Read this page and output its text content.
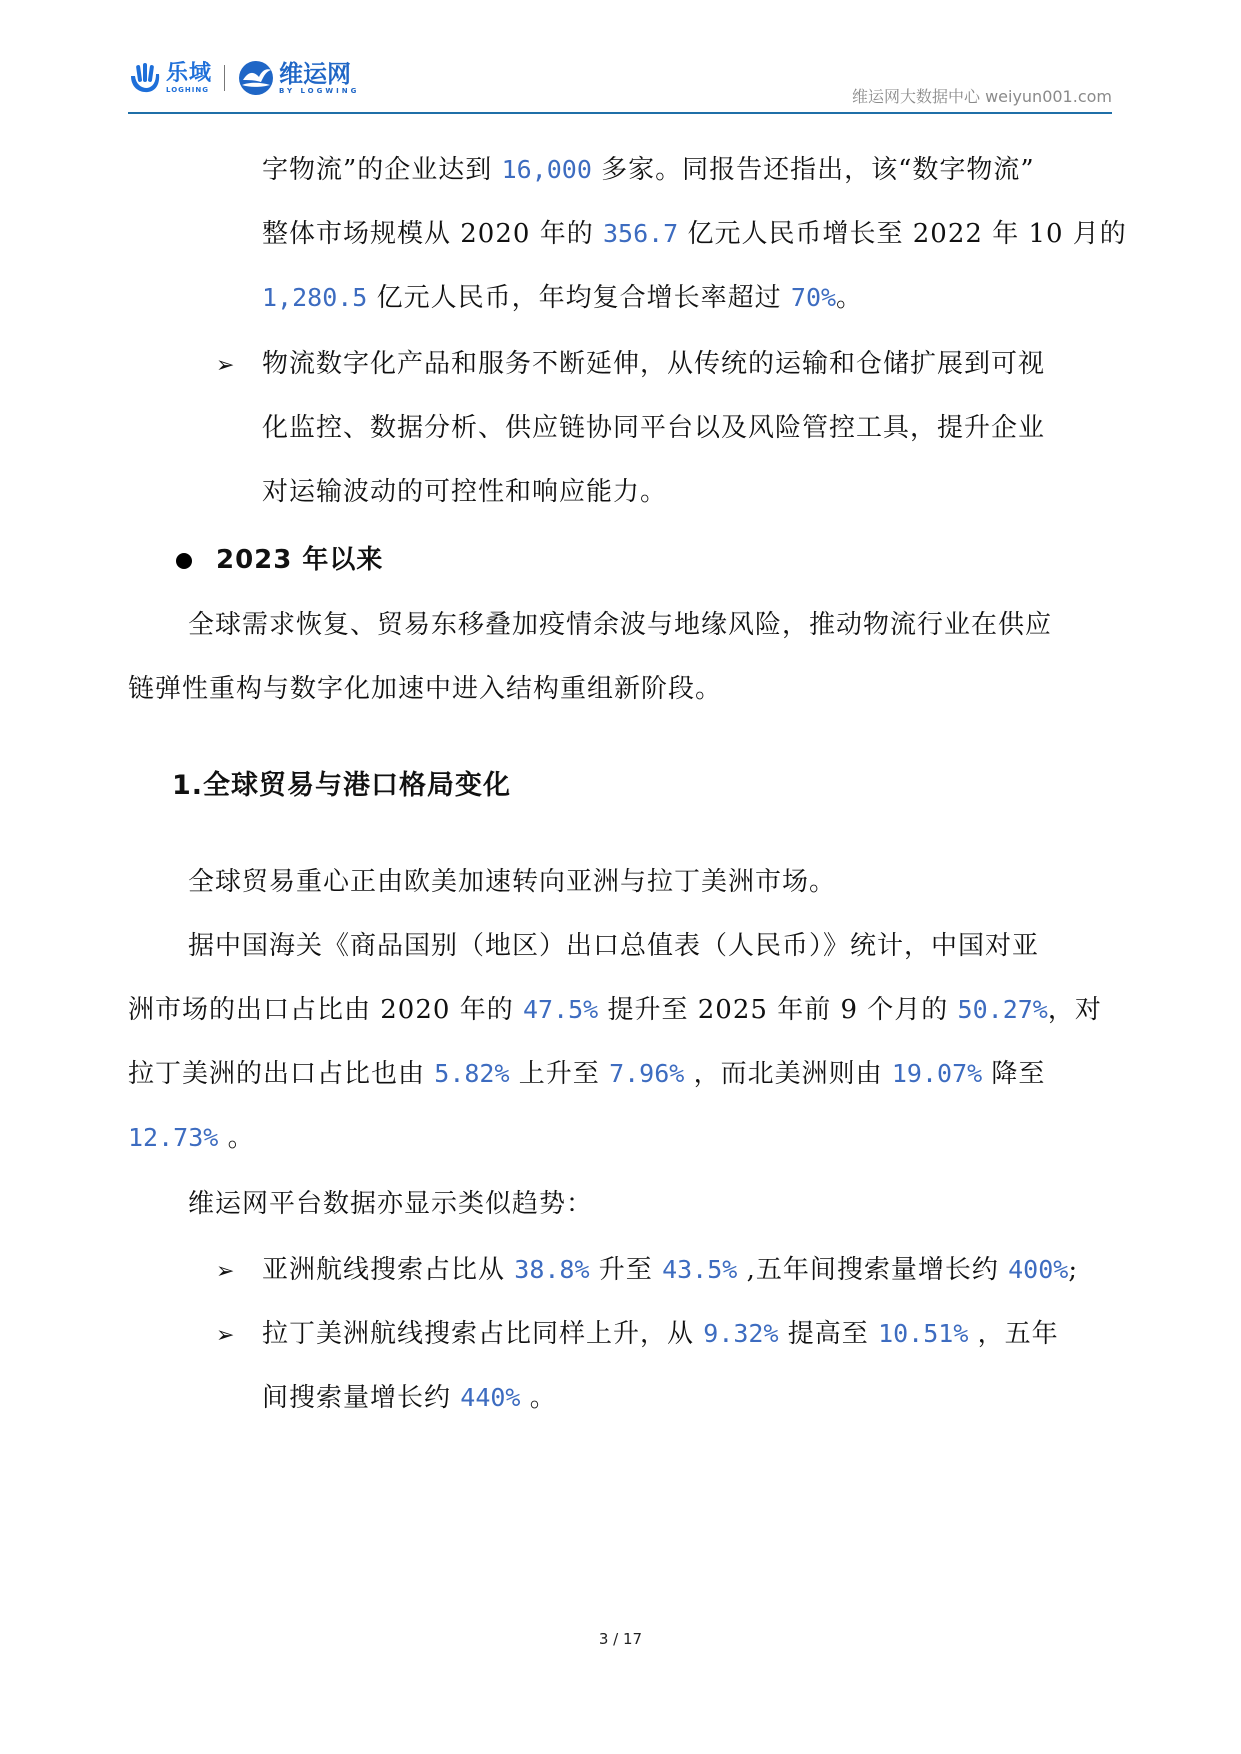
乐域
LOGHING
维运网
BY LOGWING	维运网大数据中心 weiyun001.com
字物流”的企业达到 16,000 多家。同报告还指出，该“数字物流”
整体市场规模从 2020 年的 356.7 亿元人民币增长至 2022 年 10 月的
1,280.5 亿元人民币，年均复合增长率超过 70%。
➢ 物流数字化产品和服务不断延伸，从传统的运输和仓储扩展到可视
化监控、数据分析、供应链协同平台以及风险管控工具，提升企业
对运输波动的可控性和响应能力。
2023 年以来
全球需求恢复、贸易东移叠加疫情余波与地缘风险，推动物流行业在供应
链弹性重构与数字化加速中进入结构重组新阶段。
1.全球贸易与港口格局变化
全球贸易重心正由欧美加速转向亚洲与拉丁美洲市场。
据中国海关《商品国别（地区）出口总值表（人民币）》统计，中国对亚
洲市场的出口占比由 2020 年的 47.5% 提升至 2025 年前 9 个月的 50.27%，对
拉丁美洲的出口占比也由 5.82% 上升至 7.96% ，而北美洲则由 19.07% 降至
12.73% 。
维运网平台数据亦显示类似趋势：
➢ 亚洲航线搜索占比从 38.8% 升至 43.5% ,五年间搜索量增长约 400%;
➢ 拉丁美洲航线搜索占比同样上升，从 9.32% 提高至 10.51% ，五年
间搜索量增长约 440% 。
3 / 17
